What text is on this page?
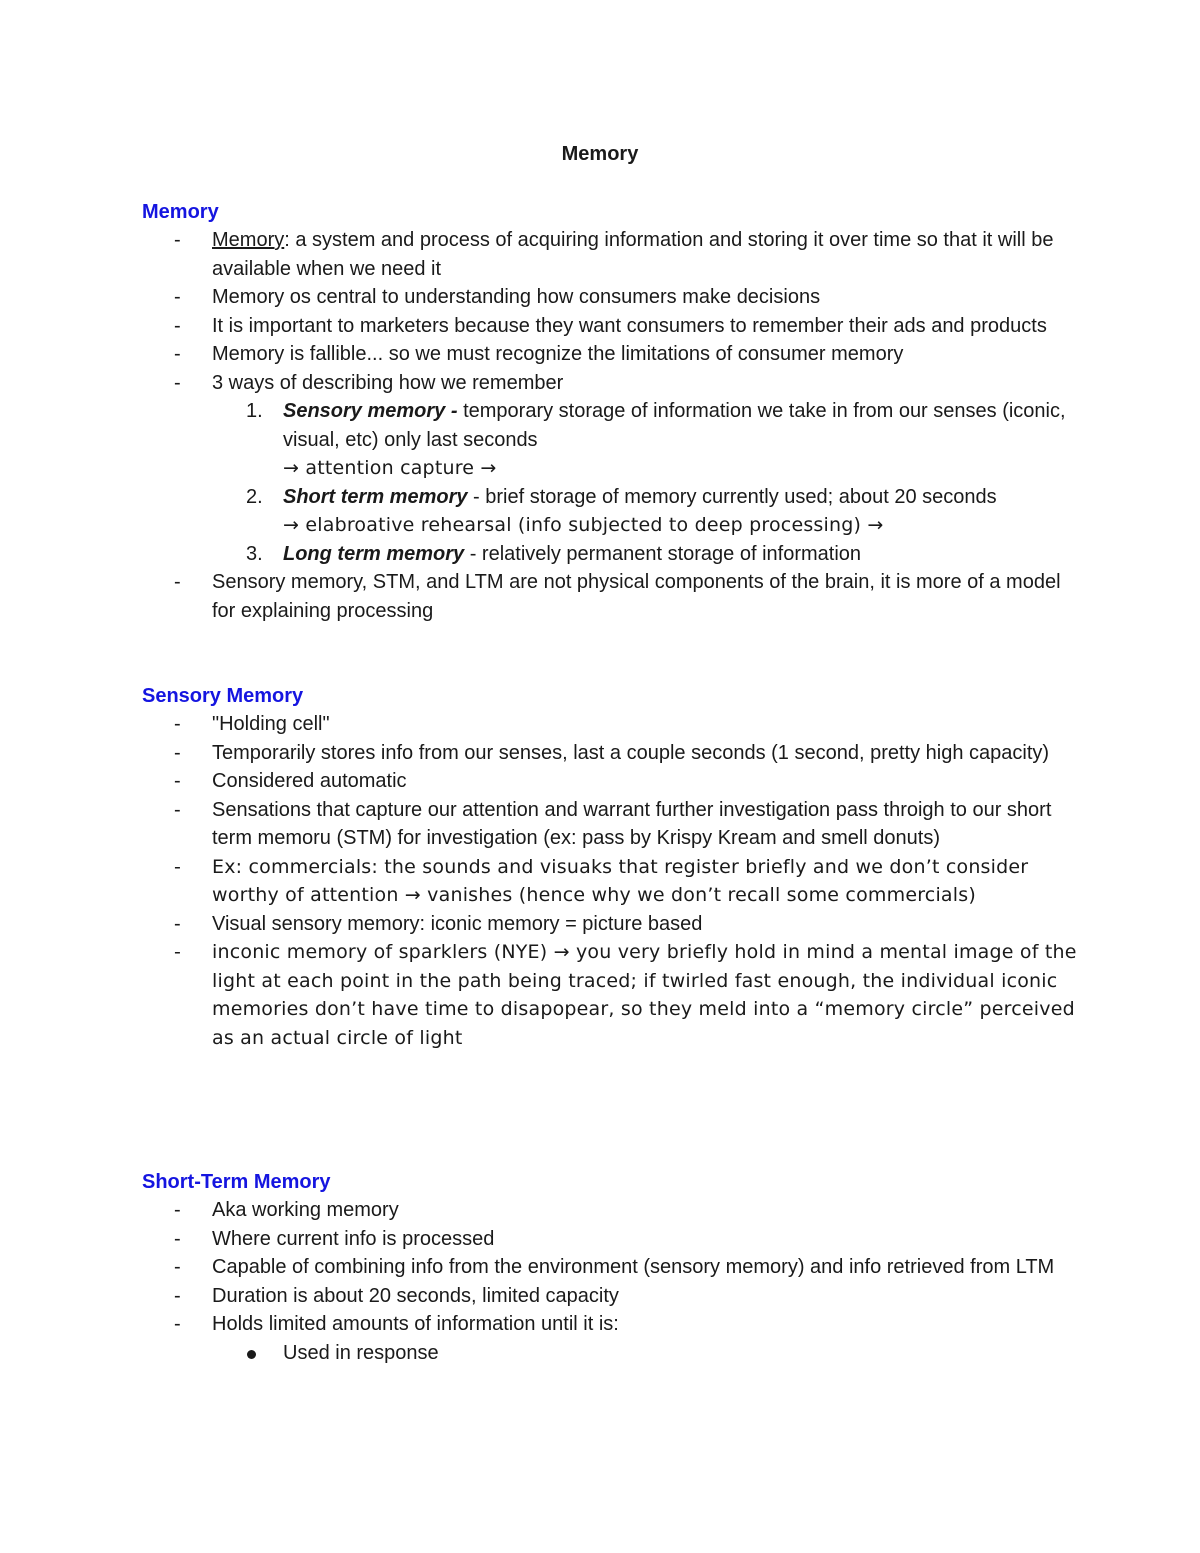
Memory
Memory
- Memory: a system and process of acquiring information and storing it over time so that it will be available when we need it
- Memory os central to understanding how consumers make decisions
- It is important to marketers because they want consumers to remember their ads and products
- Memory is fallible... so we must recognize the limitations of consumer memory
- 3 ways of describing how we remember
1. Sensory memory - temporary storage of information we take in from our senses (iconic, visual, etc) only last seconds
→ attention capture →
2. Short term memory - brief storage of memory currently used; about 20 seconds
→ elabroative rehearsal (info subjected to deep processing) →
3. Long term memory - relatively permanent storage of information
- Sensory memory, STM, and LTM are not physical components of the brain, it is more of a model for explaining processing
Sensory Memory
- "Holding cell"
- Temporarily stores info from our senses, last a couple seconds (1 second, pretty high capacity)
- Considered automatic
- Sensations that capture our attention and warrant further investigation pass throigh to our short term memoru (STM) for investigation (ex: pass by Krispy Kream and smell donuts)
- Ex: commercials: the sounds and visuaks that register briefly and we don’t consider worthy of attention → vanishes (hence why we don’t recall some commercials)
- Visual sensory memory: iconic memory = picture based
- inconic memory of sparklers (NYE) → you very briefly hold in mind a mental image of the light at each point in the path being traced; if twirled fast enough, the individual iconic memories don’t have time to disapopear, so they meld into a “memory circle” perceived as an actual circle of light
Short-Term Memory
- Aka working memory
- Where current info is processed
- Capable of combining info from the environment (sensory memory) and info retrieved from LTM
- Duration is about 20 seconds, limited capacity
- Holds limited amounts of information until it is:
Used in response
